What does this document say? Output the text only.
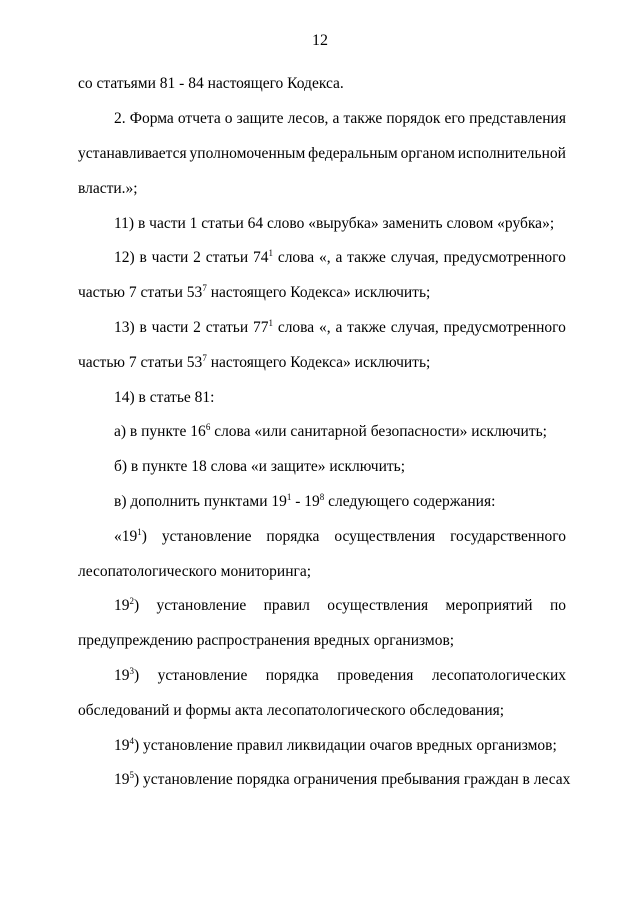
12
со статьями 81 - 84 настоящего Кодекса.
2. Форма отчета о защите лесов, а также порядок его представления
устанавливается уполномоченным федеральным органом исполнительной
власти.»;
11) в части 1 статьи 64 слово «вырубка» заменить словом «рубка»;
12) в части 2 статьи $74^1$ слова «, а также случая, предусмотренного
частью 7 статьи $53^7$ настоящего Кодекса» исключить;
13) в части 2 статьи $77^1$ слова «, а также случая, предусмотренного
частью 7 статьи $53^7$ настоящего Кодекса» исключить;
14) в статье 81:
а) в пункте $16^6$ слова «или санитарной безопасности» исключить;
б) в пункте 18 слова «и защите» исключить;
в) дополнить пунктами $19^1 - 19^8$ следующего содержания:
«$19^1$) установление порядка осуществления государственного
лесопатологического мониторинга;
$19^2$) установление правил осуществления мероприятий по
предупреждению распространения вредных организмов;
$19^3$) установление порядка проведения лесопатологических
обследований и формы акта лесопатологического обследования;
$19^4$) установление правил ликвидации очагов вредных организмов;
$19^5$) установление порядка ограничения пребывания граждан в лесах
